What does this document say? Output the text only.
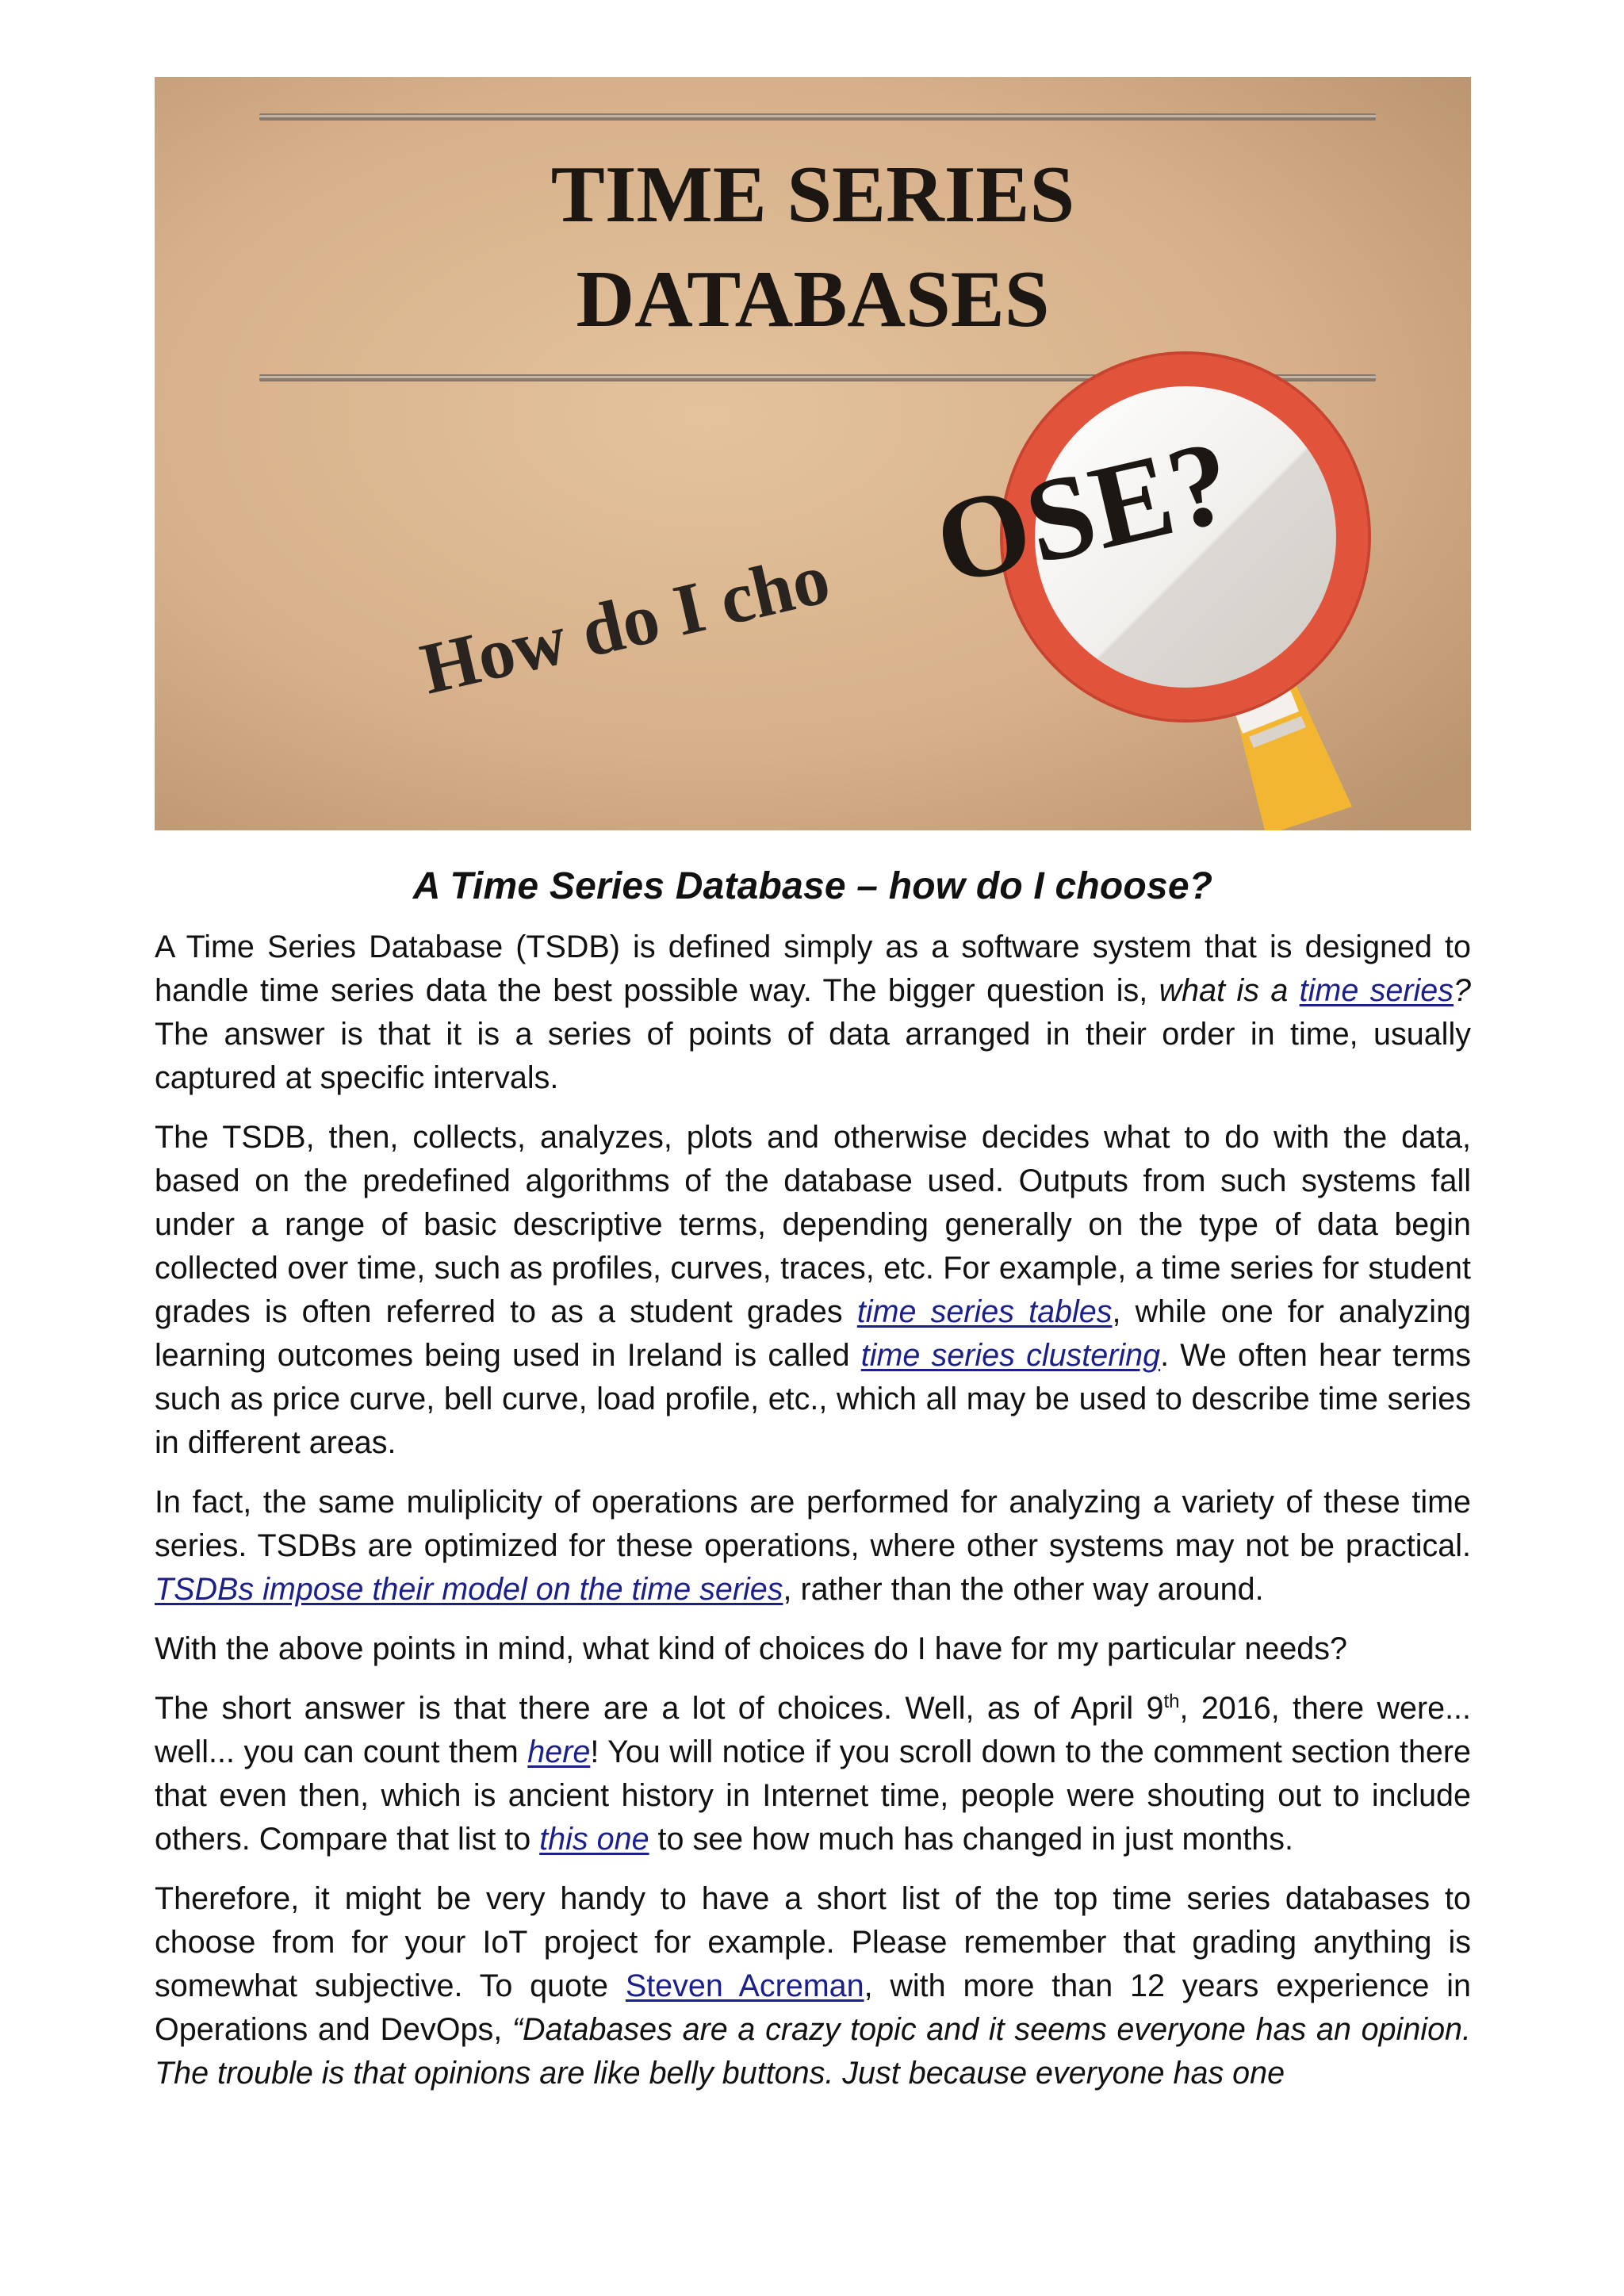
TIME SERIES
DATABASES
How do I cho
OSE?
A Time Series Database – how do I choose?

A Time Series Database (TSDB) is defined simply as a software system that is designed to handle time series data the best possible way. The bigger question is, what is a time series? The answer is that it is a series of points of data arranged in their order in time, usually captured at specific intervals.

The TSDB, then, collects, analyzes, plots and otherwise decides what to do with the data, based on the predefined algorithms of the database used. Outputs from such systems fall under a range of basic descriptive terms, depending generally on the type of data begin collected over time, such as profiles, curves, traces, etc. For example, a time series for student grades is often referred to as a student grades time series tables, while one for analyzing learning outcomes being used in Ireland is called time series clustering. We often hear terms such as price curve, bell curve, load profile, etc., which all may be used to describe time series in different areas.

In fact, the same muliplicity of operations are performed for analyzing a variety of these time series. TSDBs are optimized for these operations, where other systems may not be practical. TSDBs impose their model on the time series, rather than the other way around.

With the above points in mind, what kind of choices do I have for my particular needs?

The short answer is that there are a lot of choices. Well, as of April 9th, 2016, there were... well... you can count them here! You will notice if you scroll down to the comment section there that even then, which is ancient history in Internet time, people were shouting out to include others. Compare that list to this one to see how much has changed in just months.

Therefore, it might be very handy to have a short list of the top time series databases to choose from for your IoT project for example. Please remember that grading anything is somewhat subjective. To quote Steven Acreman, with more than 12 years experience in Operations and DevOps, “Databases are a crazy topic and it seems everyone has an opinion. The trouble is that opinions are like belly buttons. Just because everyone has one
